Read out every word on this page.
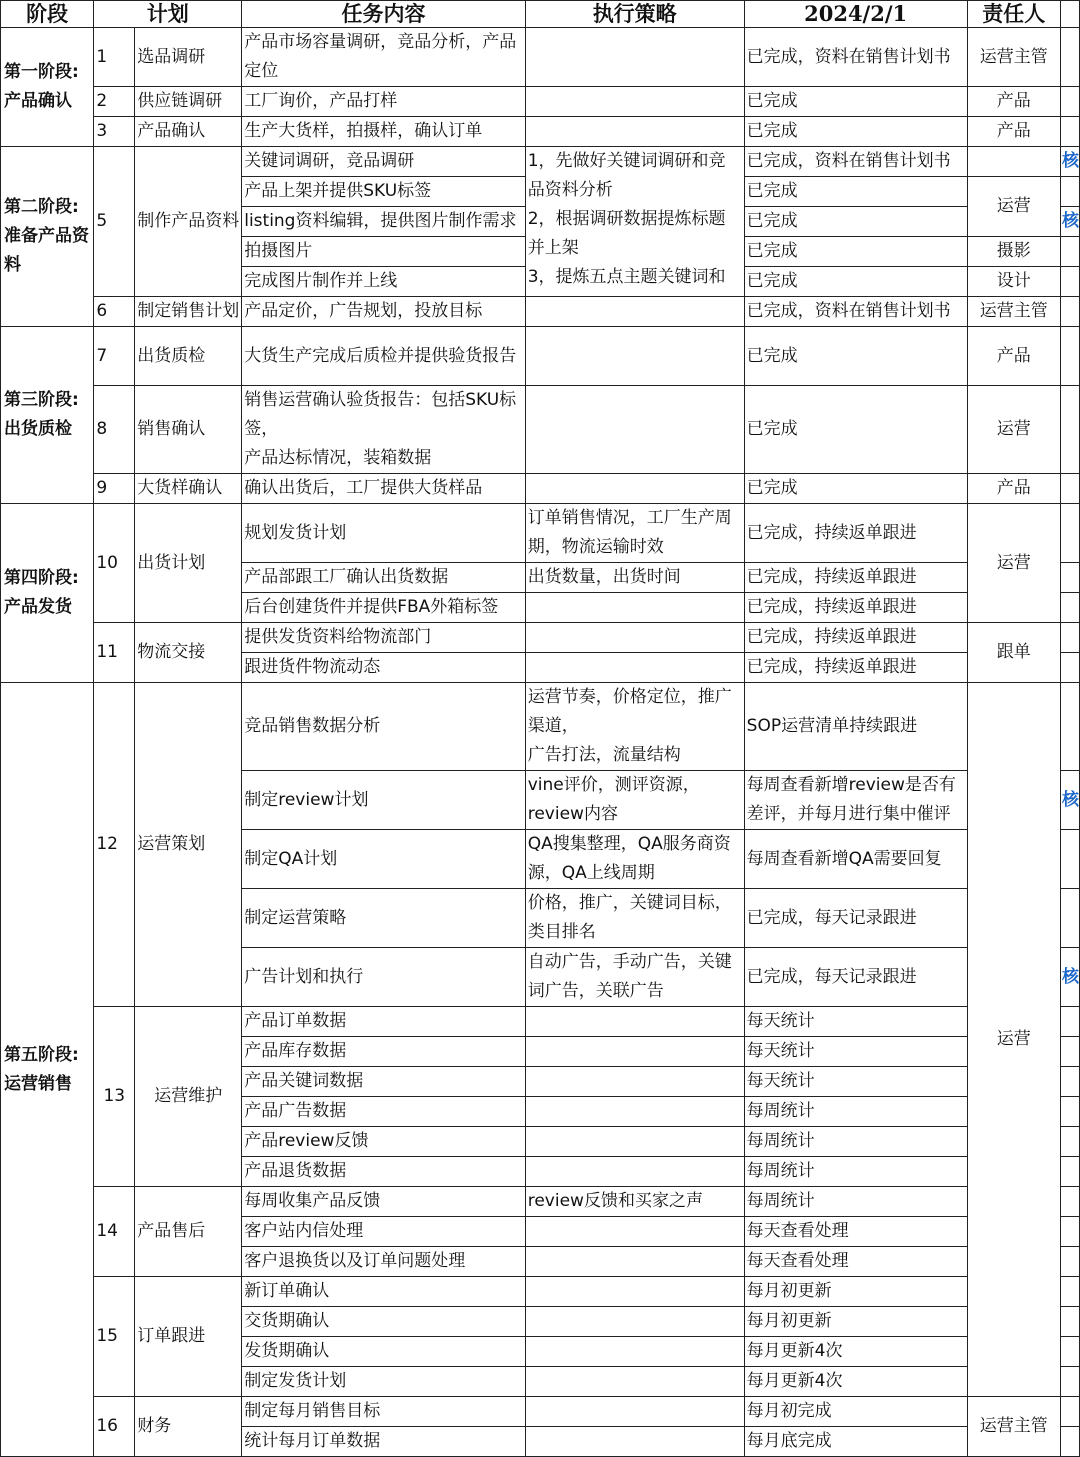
阶段	计划		任务内容	执行策略	2024/2/1	责任人	

第一阶段:
产品确认	1	选品调研	产品市场容量调研，竞品分析，产品定位		已完成，资料在销售计划书	运营主管	
	2	供应链调研	工厂询价，产品打样		已完成	产品	
	3	产品确认	生产大货样，拍摄样，确认订单		已完成	产品	

第二阶段:
准备产品资料	5	制作产品资料	关键词调研，竞品调研	1，先做好关键词调研和竞品资料分析
2，根据调研数据提炼标题并上架
3，提炼五点主题关键词和	已完成，资料在销售计划书		核
			产品上架并提供SKU标签		已完成	运营	
			listing资料编辑，提供图片制作需求		已完成		核
			拍摄图片		已完成	摄影	
			完成图片制作并上线		已完成	设计	
	6	制定销售计划	产品定价，广告规划，投放目标		已完成，资料在销售计划书	运营主管	

第三阶段:
出货质检	7	出货质检	大货生产完成后质检并提供验货报告		已完成	产品	
	8	销售确认	销售运营确认验货报告：包括SKU标签，
产品达标情况，装箱数据		已完成	运营	
	9	大货样确认	确认出货后，工厂提供大货样品		已完成	产品	

第四阶段:
产品发货	10	出货计划	规划发货计划	订单销售情况，工厂生产周期，物流运输时效	已完成，持续返单跟进	运营	
			产品部跟工厂确认出货数据	出货数量，出货时间	已完成，持续返单跟进		
			后台创建货件并提供FBA外箱标签		已完成，持续返单跟进		
	11	物流交接	提供发货资料给物流部门		已完成，持续返单跟进	跟单	
			跟进货件物流动态		已完成，持续返单跟进		

第五阶段:
运营销售	12	运营策划	竞品销售数据分析	运营节奏，价格定位，推广渠道，
广告打法，流量结构	SOP运营清单持续跟进	运营	
			制定review计划	vine评价，测评资源，review内容	每周查看新增review是否有差评，并每月进行集中催评		核
			制定QA计划	QA搜集整理，QA服务商资源，QA上线周期	每周查看新增QA需要回复		
			制定运营策略	价格，推广，关键词目标，类目排名	已完成，每天记录跟进		
			广告计划和执行	自动广告，手动广告，关键词广告，关联广告	已完成，每天记录跟进		核
	13	运营维护	产品订单数据		每天统计		
			产品库存数据		每天统计		
			产品关键词数据		每天统计		
			产品广告数据		每周统计		
			产品review反馈		每周统计		
			产品退货数据		每周统计		
	14	产品售后	每周收集产品反馈	review反馈和买家之声	每周统计		
			客户站内信处理		每天查看处理		
			客户退换货以及订单问题处理		每天查看处理		
	15	订单跟进	新订单确认		每月初更新		
			交货期确认		每月初更新		
			发货期确认		每月更新4次		
			制定发货计划		每月更新4次		
	16	财务	制定每月销售目标		每月初完成	运营主管	
			统计每月订单数据		每月底完成		
